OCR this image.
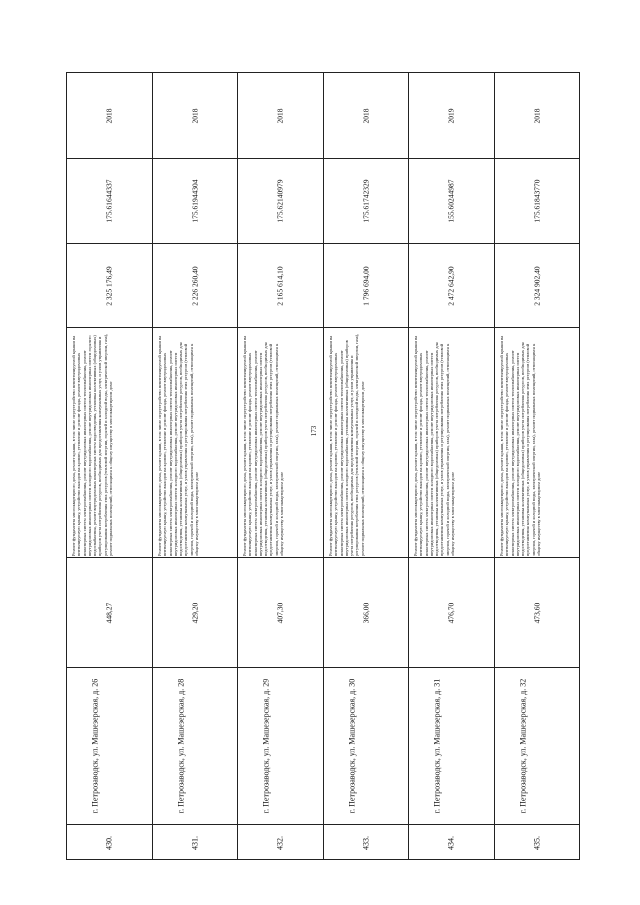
173
2018
175.61644337
2 325 176,49
Ремонт фундамента многоквартирного дома, ремонт крыши, в том числе переустройство невентилируемой крыши на вентилируемую крышу, устройство выходов на кровлю, утепление и ремонт фасада, ремонт внутридомовых инженерных систем электроснабжения, ремонт внутридомовых инженерных систем теплоснабжения, ремонт внутридомовых инженерных систем холодного водоснабжения, ремонт внутридомовых инженерных систем горячего водоснабжения, ремонт внутридомовых инженерных систем водоотведения, установка коллективных (общедомовых) приборов учета потребления ресурсов, необходимых для предоставления коммунальных услуг, и узлов управления и регулирования потребления этих ресурсов (тепловой энергии, горячей и холодной воды, электрической энергии, газа), ремонт подвальных помещений, относящихся к общему имуществу в многоквартирном доме
448,27
г. Петрозаводск, ул. Машезерская, д. 26
430.
2018
175.61944304
2 226 260,40
Ремонт фундамента многоквартирного дома, ремонт крыши, в том числе переустройство невентилируемой крыши на вентилируемую крышу, устройство выходов на кровлю, утепление и ремонт фасада, ремонт внутридомовых инженерных систем электроснабжения, ремонт внутридомовых инженерных систем теплоснабжения, ремонт внутридомовых инженерных систем холодного водоснабжения, ремонт внутридомовых инженерных систем водоотведения, установка коллективных (общедомовых) приборов учета потребления ресурсов, необходимых для предоставления коммунальных услуг, и узлов управления и регулирования потребления этих ресурсов (тепловой энергии, горячей и холодной воды, электрической энергии, газа), ремонт подвальных помещений, относящихся к общему имуществу в многоквартирном доме
429,20
г. Петрозаводск, ул. Машезерская, д. 28
431.
2018
175.62140979
2 165 614,10
Ремонт фундамента многоквартирного дома, ремонт крыши, в том числе переустройство невентилируемой крыши на вентилируемую крышу, устройство выходов на кровлю, утепление и ремонт фасада, ремонт внутридомовых инженерных систем электроснабжения, ремонт внутридомовых инженерных систем теплоснабжения, ремонт внутридомовых инженерных систем холодного водоснабжения, ремонт внутридомовых инженерных систем водоотведения, установка коллективных (общедомовых) приборов учета потребления ресурсов, необходимых для предоставления коммунальных услуг, и узлов управления и регулирования потребления этих ресурсов (тепловой энергии, горячей и холодной воды, электрической энергии, газа), ремонт подвальных помещений, относящихся к общему имуществу в многоквартирном доме
407,30
г. Петрозаводск, ул. Машезерская, д. 29
432.
2018
175.61742329
1 796 694,00
Ремонт фундамента многоквартирного дома, ремонт крыши, в том числе переустройство невентилируемой крыши на вентилируемую крышу, устройство выходов на кровлю, утепление и ремонт фасада, ремонт внутридомовых инженерных систем электроснабжения, ремонт внутридомовых инженерных систем теплоснабжения, ремонт внутридомовых инженерных систем холодного водоснабжения, установка коллективных (общедомовых) приборов учета потребления ресурсов, необходимых для предоставления коммунальных услуг, и узлов управления и регулирования потребления этих ресурсов (тепловой энергии, горячей и холодной воды, электрической энергии, газа), ремонт подвальных помещений, относящихся к общему имуществу в многоквартирном доме
366,00
г. Петрозаводск, ул. Машезерская, д. 30
433.
2019
155.60244987
2 472 642,90
Ремонт фундамента многоквартирного дома, ремонт крыши, в том числе переустройство невентилируемой крыши на вентилируемую крышу, устройство выходов на кровлю, утепление и ремонт фасада, ремонт внутридомовых инженерных систем электроснабжения, ремонт внутридомовых инженерных систем теплоснабжения, ремонт внутридомовых инженерных систем холодного водоснабжения, ремонт внутридомовых инженерных систем водоотведения, установка коллективных (общедомовых) приборов учета потребления ресурсов, необходимых для предоставления коммунальных услуг, и узлов управления и регулирования потребления этих ресурсов (тепловой энергии, горячей и холодной воды, электрической энергии, газа), ремонт подвальных помещений, относящихся к общему имуществу в многоквартирном доме
476,70
г. Петрозаводск, ул. Машезерская, д. 31
434.
2018
175.61843770
2 324 902,40
Ремонт фундамента многоквартирного дома, ремонт крыши, в том числе переустройство невентилируемой крыши на вентилируемую крышу, устройство выходов на кровлю, утепление и ремонт фасада, ремонт внутридомовых инженерных систем электроснабжения, ремонт внутридомовых инженерных систем теплоснабжения, ремонт внутридомовых инженерных систем холодного водоснабжения, ремонт внутридомовых инженерных систем водоотведения, установка коллективных (общедомовых) приборов учета потребления ресурсов, необходимых для предоставления коммунальных услуг, и узлов управления и регулирования потребления этих ресурсов (тепловой энергии, горячей и холодной воды, электрической энергии, газа), ремонт подвальных помещений, относящихся к общему имуществу в многоквартирном доме
473,60
г. Петрозаводск, ул. Машезерская, д. 32
435.
